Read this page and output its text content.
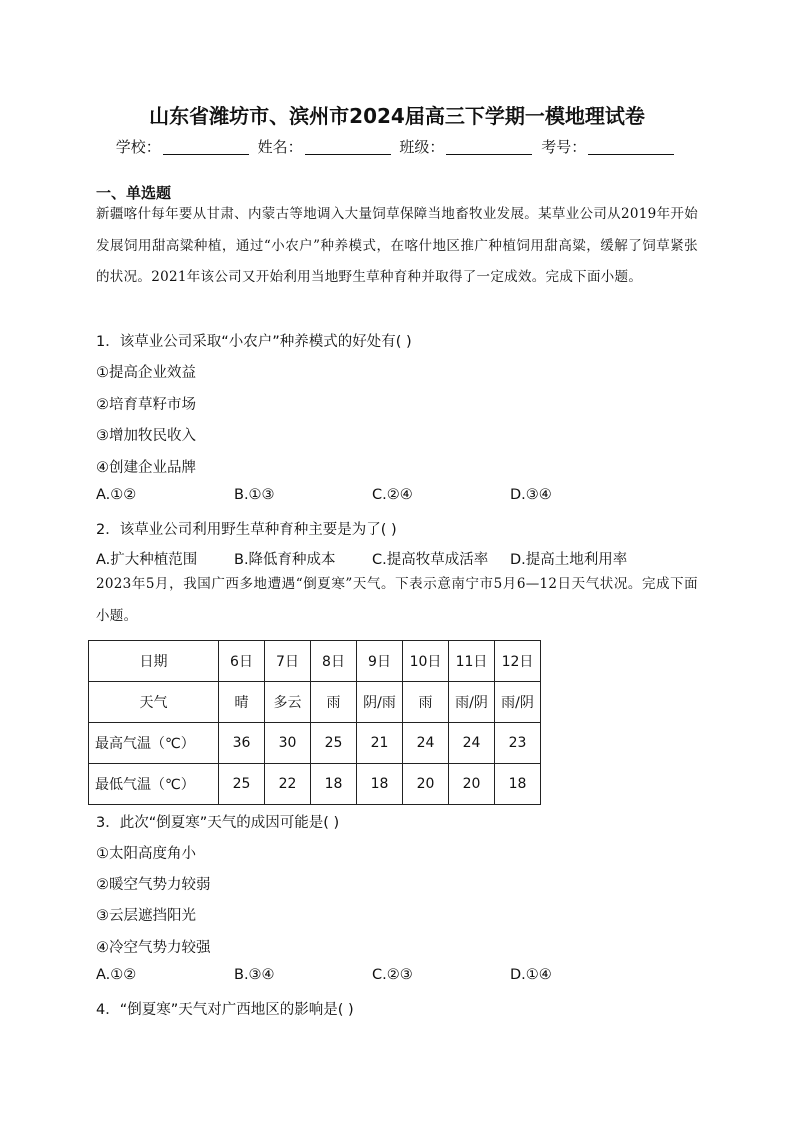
山东省潍坊市、滨州市2024届高三下学期一模地理试卷
学校：	姓名：	班级：	考号：
一、单选题
新疆喀什每年要从甘肃、内蒙古等地调入大量饲草保障当地畜牧业发展。某草业公司从2019年开始发展饲用甜高粱种植，通过“小农户”种养模式，在喀什地区推广种植饲用甜高粱，缓解了饲草紧张的状况。2021年该公司又开始利用当地野生草种育种并取得了一定成效。完成下面小题。
1．该草业公司采取“小农户”种养模式的好处有( )
①提高企业效益
②培育草籽市场
③增加牧民收入
④创建企业品牌
A.①②	B.①③	C.②④	D.③④
2．该草业公司利用野生草种育种主要是为了( )
A.扩大种植范围	B.降低育种成本	C.提高牧草成活率 D.提高土地利用率
2023年5月，我国广西多地遭遇“倒夏寒”天气。下表示意南宁市5月6—12日天气状况。完成下面小题。
日期	6日	7日	8日	9日	10日	11日	12日
天气	晴	多云	雨	阴/雨	雨	雨/阴	雨/阴
最高气温（℃）	36	30	25	21	24	24	23
最低气温（℃）	25	22	18	18	20	20	18
3．此次“倒夏寒”天气的成因可能是( )
①太阳高度角小
②暖空气势力较弱
③云层遮挡阳光
④冷空气势力较强
A.①②	B.③④	C.②③	D.①④
4．“倒夏寒”天气对广西地区的影响是( )
